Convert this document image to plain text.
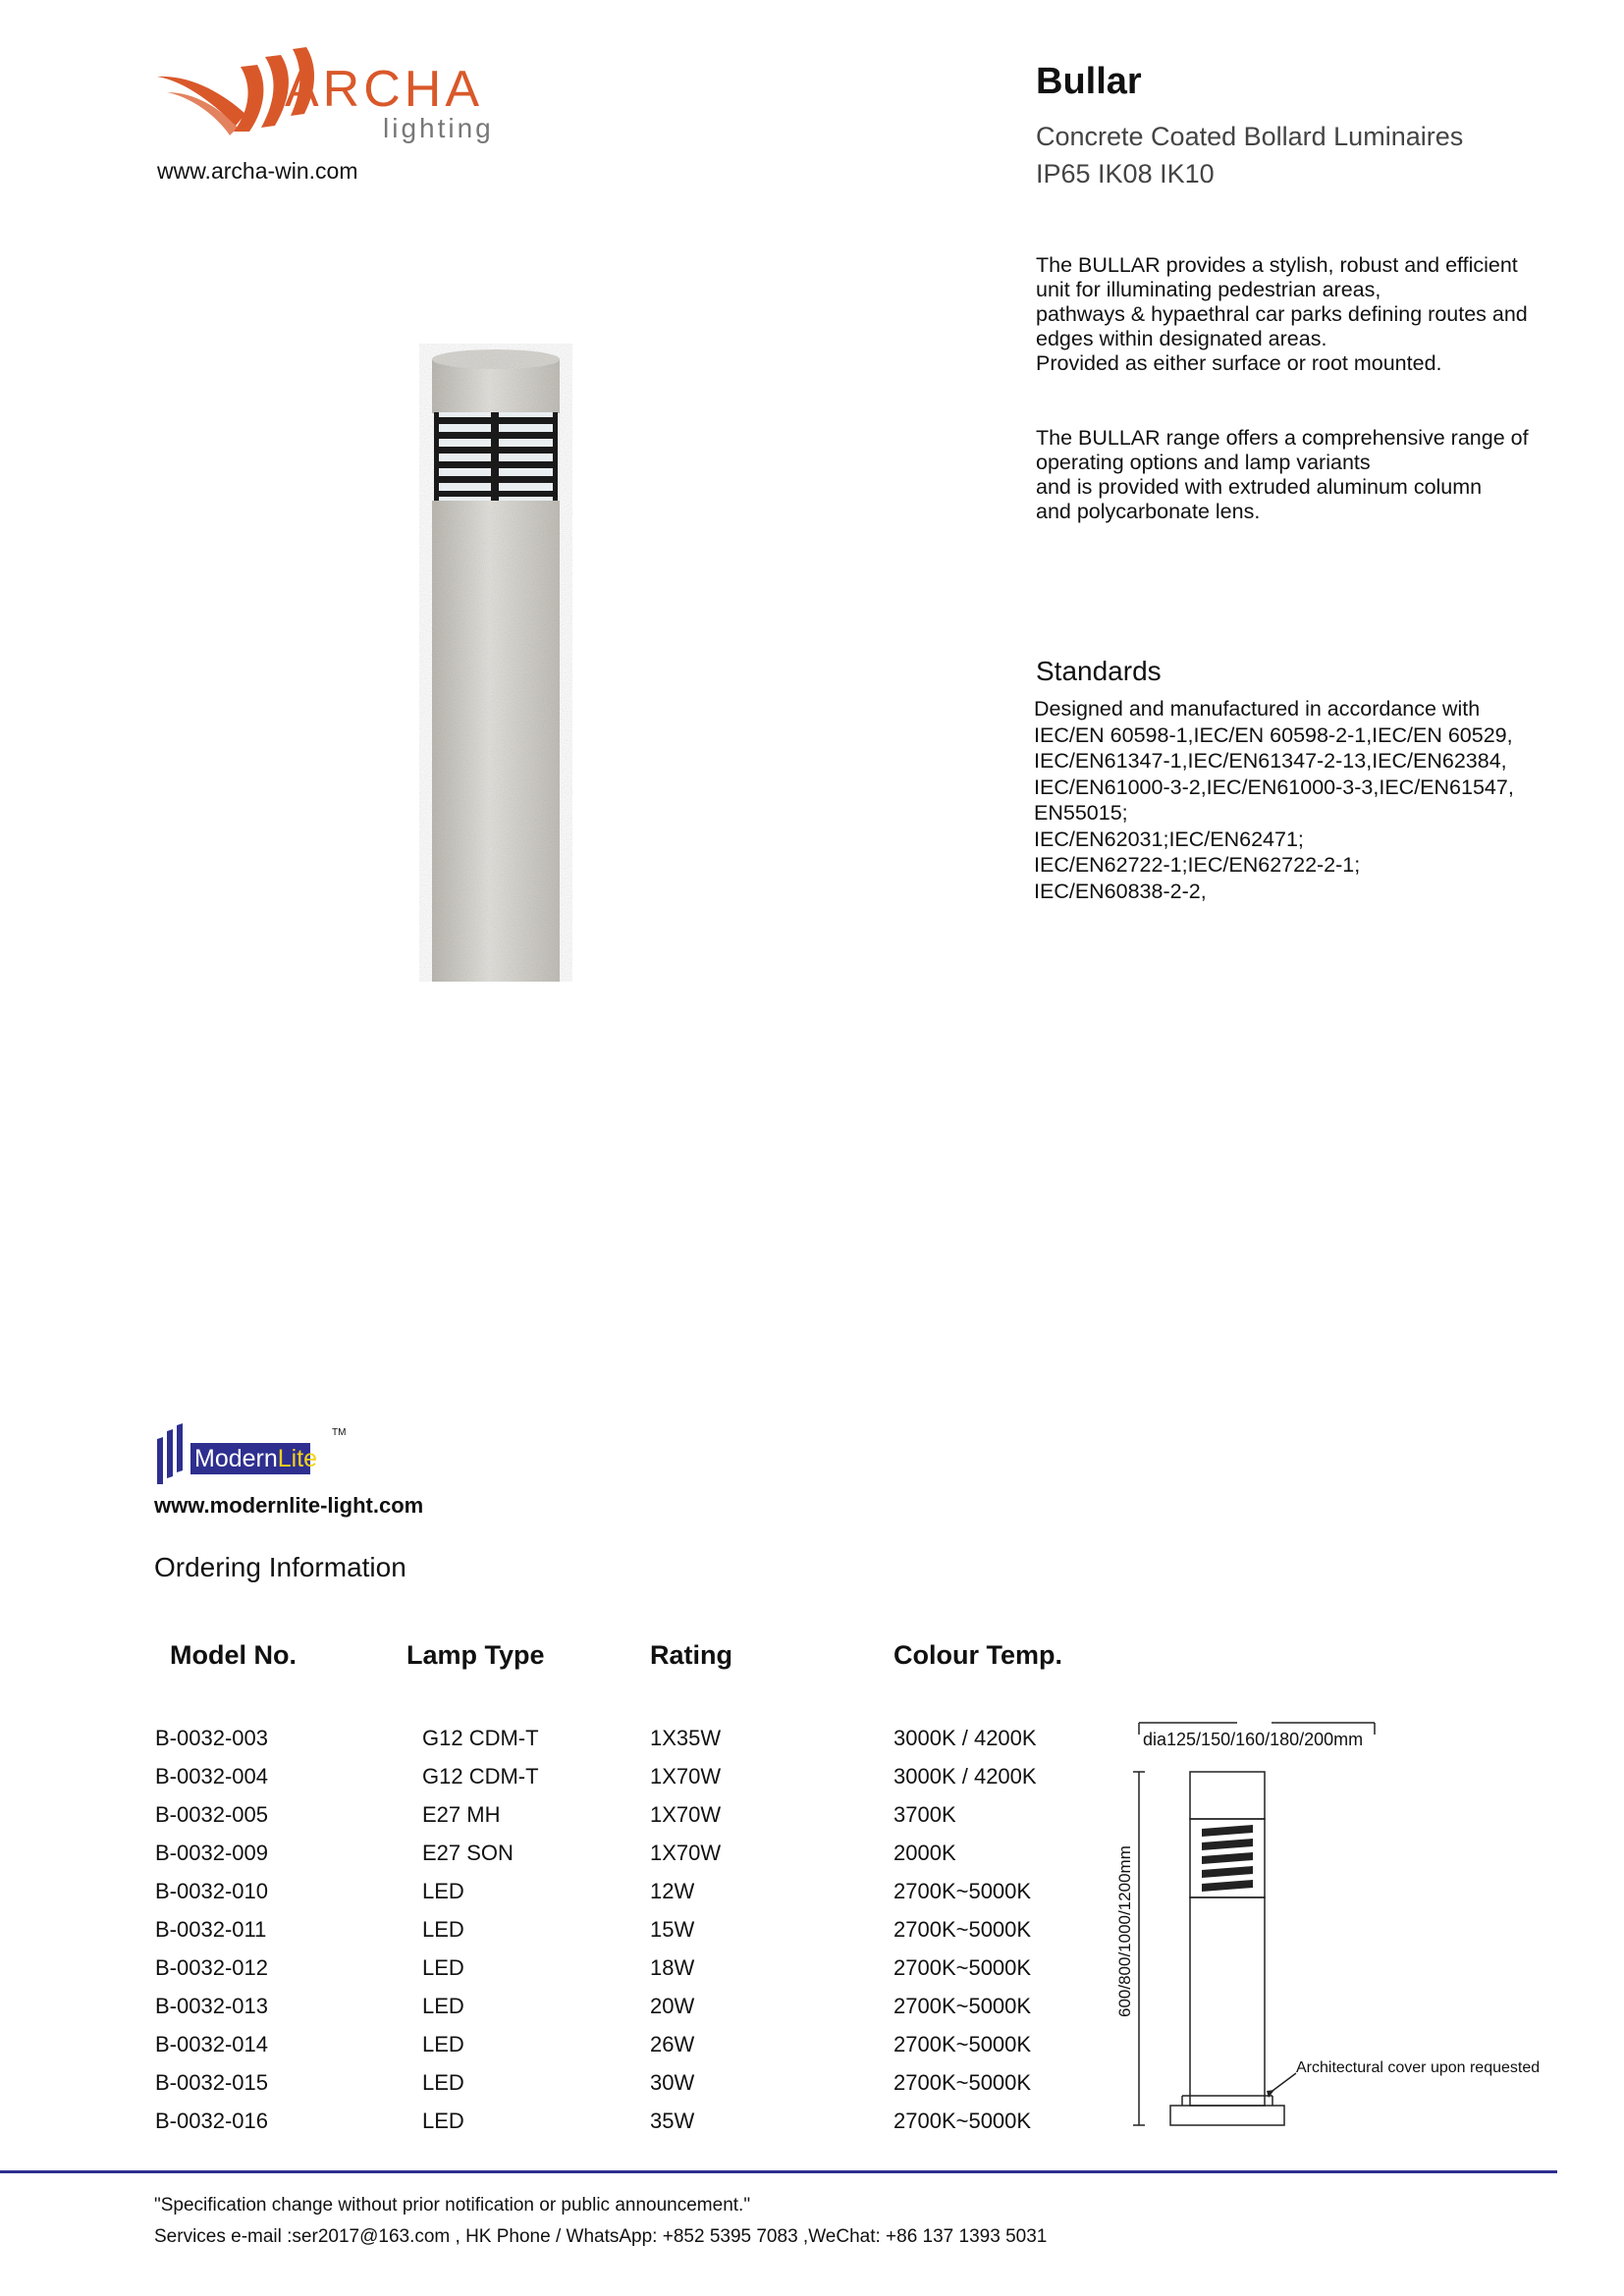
ARCHA
lighting
www.archa-win.com
Bullar
Concrete Coated Bollard Luminaires
IP65 IK08 IK10
The BULLAR provides a stylish, robust and efficient
unit for illuminating pedestrian areas,
pathways & hypaethral car parks defining routes and
edges within designated areas.
Provided as either surface or root mounted.
The BULLAR range offers a comprehensive range of
operating options and lamp variants
and is provided with extruded aluminum column
and polycarbonate lens.
Standards
Designed and manufactured in accordance with
IEC/EN 60598-1,IEC/EN 60598-2-1,IEC/EN 60529,
IEC/EN61347-1,IEC/EN61347-2-13,IEC/EN62384,
IEC/EN61000-3-2,IEC/EN61000-3-3,IEC/EN61547,
EN55015;
IEC/EN62031;IEC/EN62471;
IEC/EN62722-1;IEC/EN62722-2-1;
IEC/EN60838-2-2,
ModernLite
TM
www.modernlite-light.com
Ordering Information
Model No.	Lamp Type	Rating	Colour Temp.
B-0032-003	G12 CDM-T	1X35W	3000K / 4200K
B-0032-004	G12 CDM-T	1X70W	3000K / 4200K
B-0032-005	E27 MH	1X70W	3700K
B-0032-009	E27 SON	1X70W	2000K
B-0032-010	LED	12W	2700K~5000K
B-0032-011	LED	15W	2700K~5000K
B-0032-012	LED	18W	2700K~5000K
B-0032-013	LED	20W	2700K~5000K
B-0032-014	LED	26W	2700K~5000K
B-0032-015	LED	30W	2700K~5000K
B-0032-016	LED	35W	2700K~5000K
dia125/150/160/180/200mm
600/800/1000/1200mm
Architectural cover upon requested
"Specification change without prior notification or public announcement."
Services e-mail :ser2017@163.com , HK Phone / WhatsApp: +852 5395 7083 ,WeChat: +86 137 1393 5031
